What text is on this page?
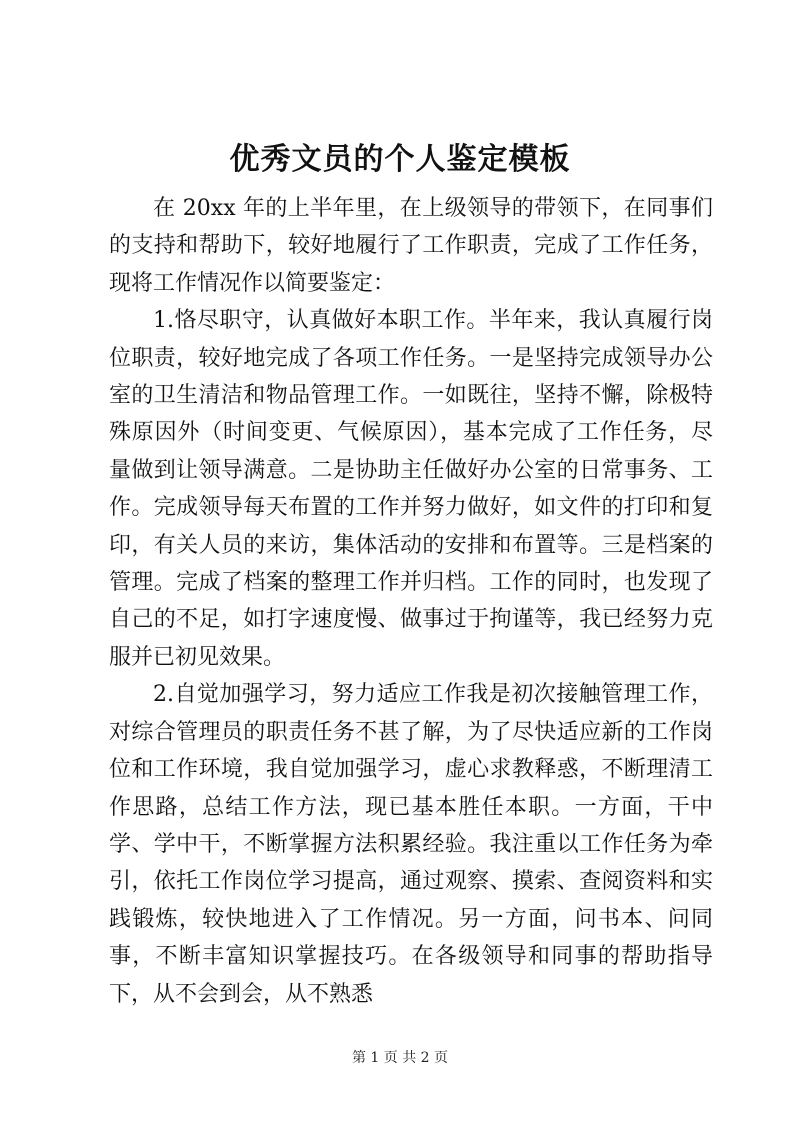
优秀文员的个人鉴定模板

在 20xx 年的上半年里，在上级领导的带领下，在同事们的支持和帮助下，较好地履行了工作职责，完成了工作任务，现将工作情况作以简要鉴定：

1.恪尽职守，认真做好本职工作。半年来，我认真履行岗位职责，较好地完成了各项工作任务。一是坚持完成领导办公室的卫生清洁和物品管理工作。一如既往，坚持不懈，除极特殊原因外（时间变更、气候原因），基本完成了工作任务，尽量做到让领导满意。二是协助主任做好办公室的日常事务、工作。完成领导每天布置的工作并努力做好，如文件的打印和复印，有关人员的来访，集体活动的安排和布置等。三是档案的管理。完成了档案的整理工作并归档。工作的同时，也发现了自己的不足，如打字速度慢、做事过于拘谨等，我已经努力克服并已初见效果。

2.自觉加强学习，努力适应工作我是初次接触管理工作，对综合管理员的职责任务不甚了解，为了尽快适应新的工作岗位和工作环境，我自觉加强学习，虚心求教释惑，不断理清工作思路，总结工作方法，现已基本胜任本职。一方面，干中学、学中干，不断掌握方法积累经验。我注重以工作任务为牵引，依托工作岗位学习提高，通过观察、摸索、查阅资料和实践锻炼，较快地进入了工作情况。另一方面，问书本、问同事，不断丰富知识掌握技巧。在各级领导和同事的帮助指导下，从不会到会，从不熟悉

第 1 页 共 2 页
